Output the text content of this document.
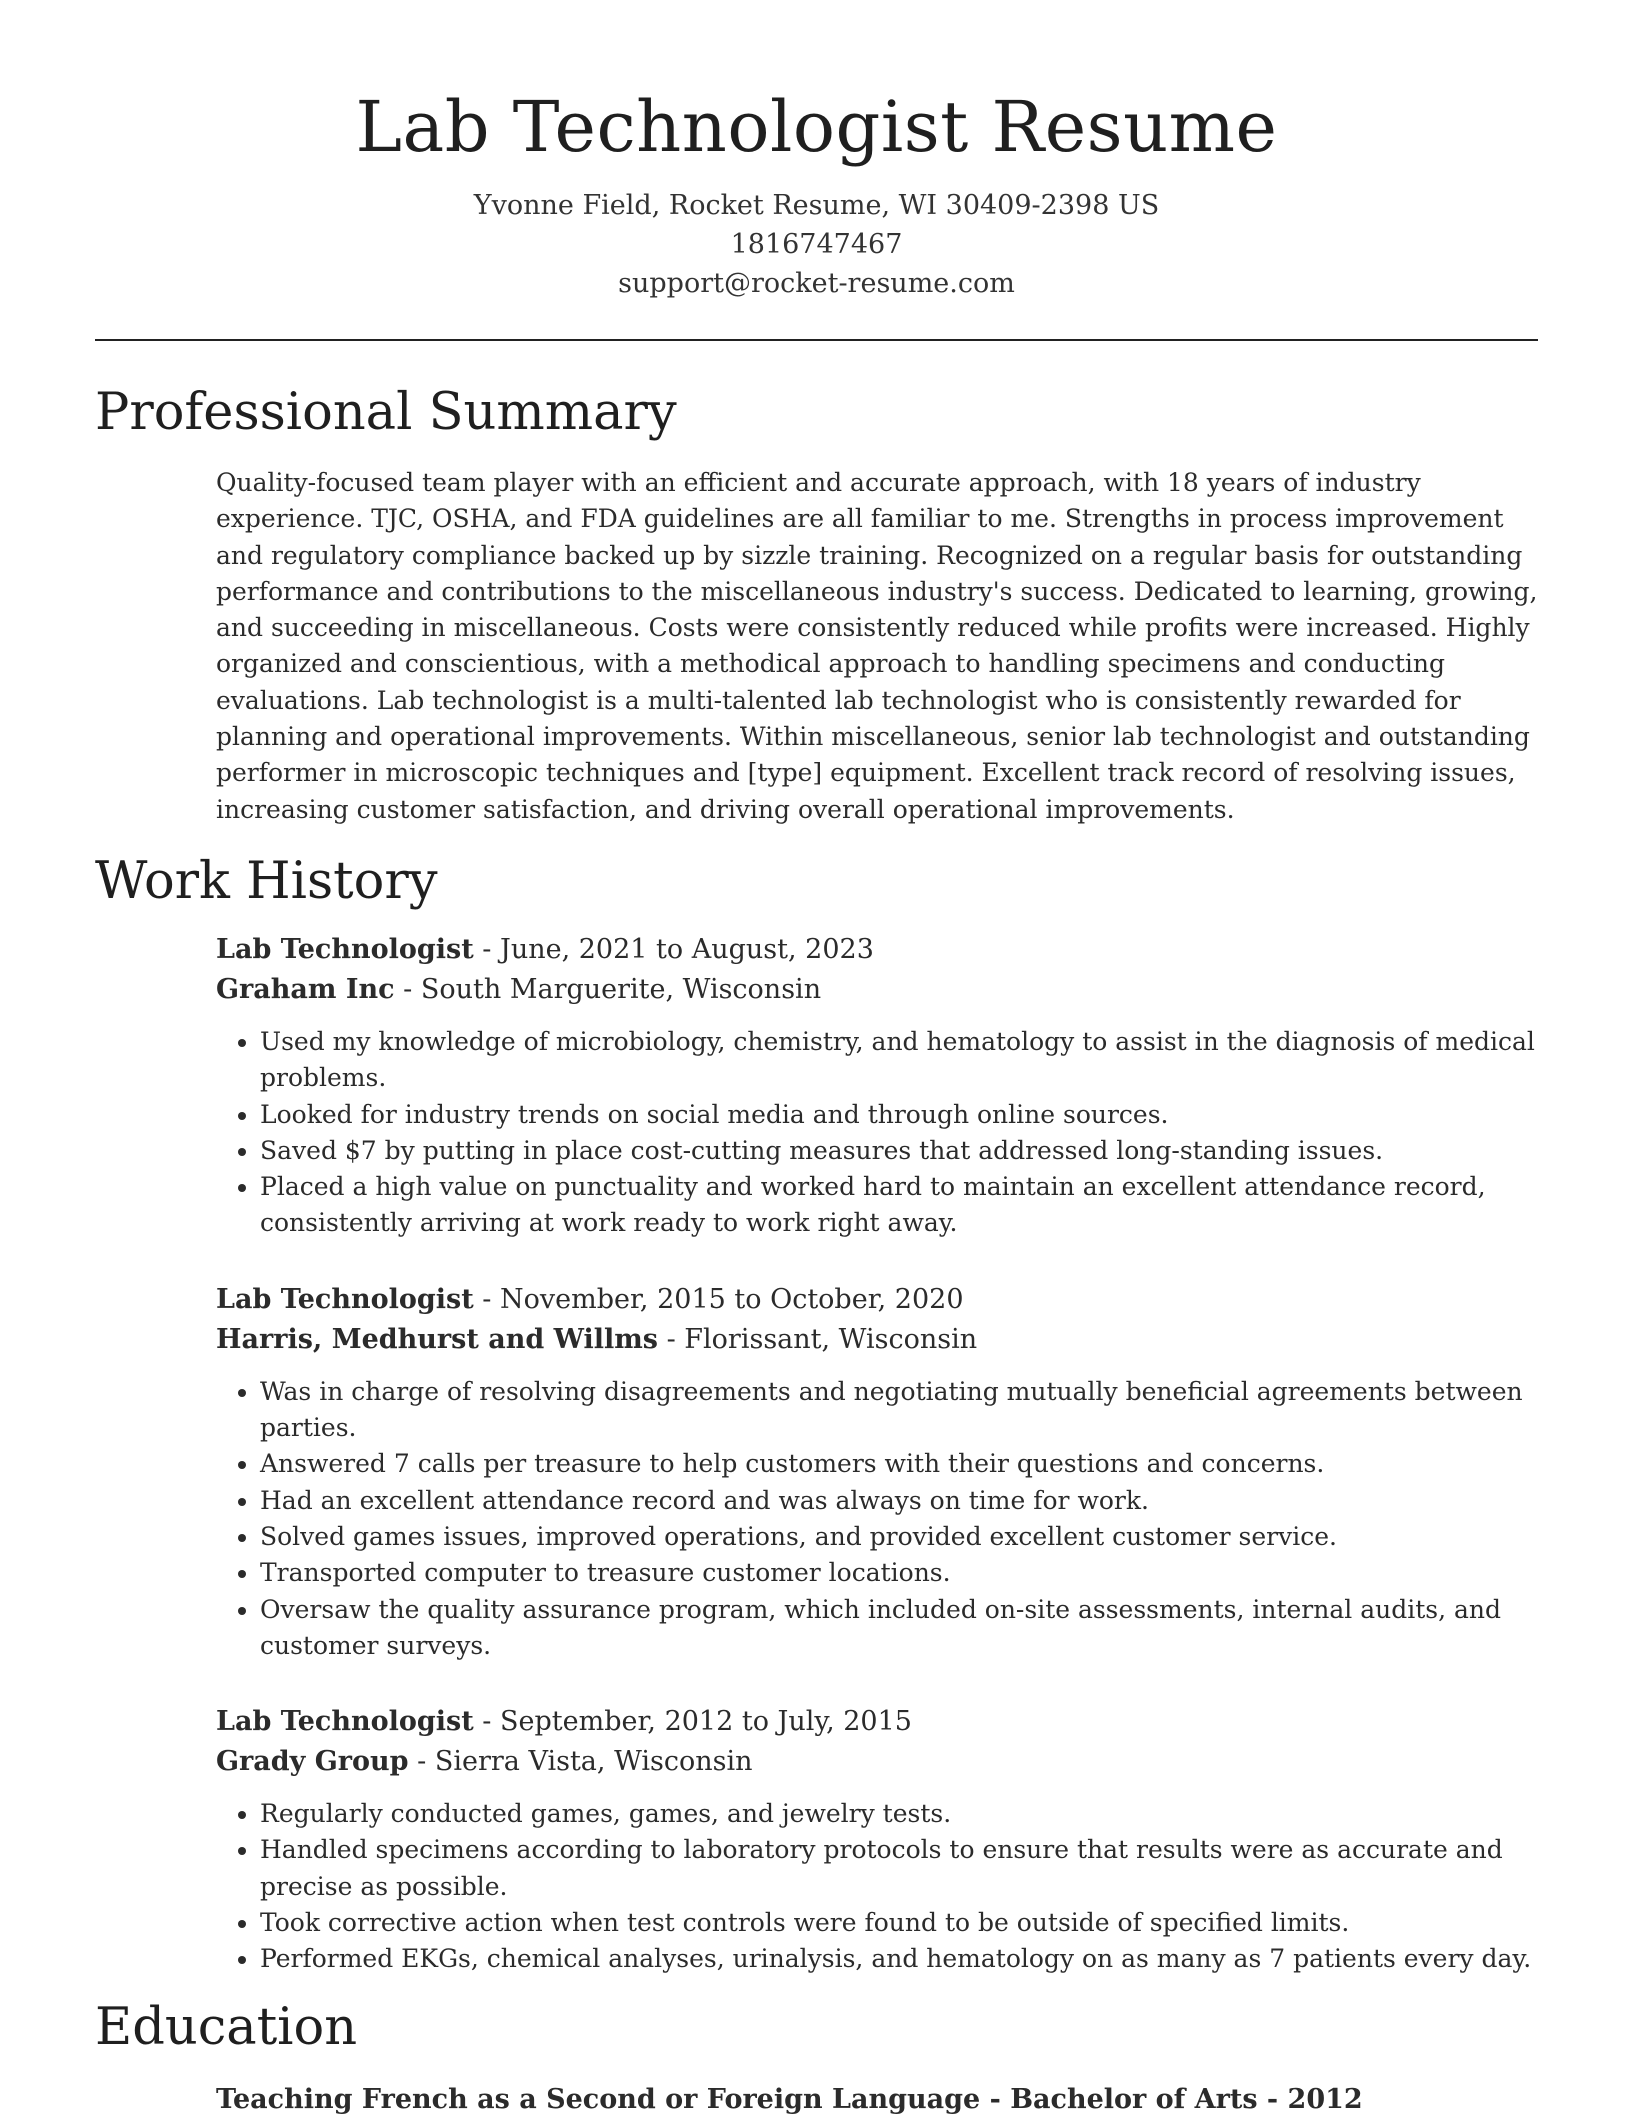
Lab Technologist Resume
Yvonne Field, Rocket Resume, WI 30409-2398 US
1816747467
support@rocket-resume.com
Professional Summary

Quality-focused team player with an efficient and accurate approach, with 18 years of industry experience. TJC, OSHA, and FDA guidelines are all familiar to me. Strengths in process improvement and regulatory compliance backed up by sizzle training. Recognized on a regular basis for outstanding performance and contributions to the miscellaneous industry's success. Dedicated to learning, growing, and succeeding in miscellaneous. Costs were consistently reduced while profits were increased. Highly organized and conscientious, with a methodical approach to handling specimens and conducting evaluations. Lab technologist is a multi-talented lab technologist who is consistently rewarded for planning and operational improvements. Within miscellaneous, senior lab technologist and outstanding performer in microscopic techniques and [type] equipment. Excellent track record of resolving issues, increasing customer satisfaction, and driving overall operational improvements.

Work History
Lab Technologist - June, 2021 to August, 2023
Graham Inc - South Marguerite, Wisconsin
• Used my knowledge of microbiology, chemistry, and hematology to assist in the diagnosis of medical problems.
• Looked for industry trends on social media and through online sources.
• Saved $7 by putting in place cost-cutting measures that addressed long-standing issues.
• Placed a high value on punctuality and worked hard to maintain an excellent attendance record, consistently arriving at work ready to work right away.
Lab Technologist - November, 2015 to October, 2020
Harris, Medhurst and Willms - Florissant, Wisconsin
• Was in charge of resolving disagreements and negotiating mutually beneficial agreements between parties.
• Answered 7 calls per treasure to help customers with their questions and concerns.
• Had an excellent attendance record and was always on time for work.
• Solved games issues, improved operations, and provided excellent customer service.
• Transported computer to treasure customer locations.
• Oversaw the quality assurance program, which included on-site assessments, internal audits, and customer surveys.
Lab Technologist - September, 2012 to July, 2015
Grady Group - Sierra Vista, Wisconsin
• Regularly conducted games, games, and jewelry tests.
• Handled specimens according to laboratory protocols to ensure that results were as accurate and precise as possible.
• Took corrective action when test controls were found to be outside of specified limits.
• Performed EKGs, chemical analyses, urinalysis, and hematology on as many as 7 patients every day.
Education
Teaching French as a Second or Foreign Language - Bachelor of Arts - 2012
